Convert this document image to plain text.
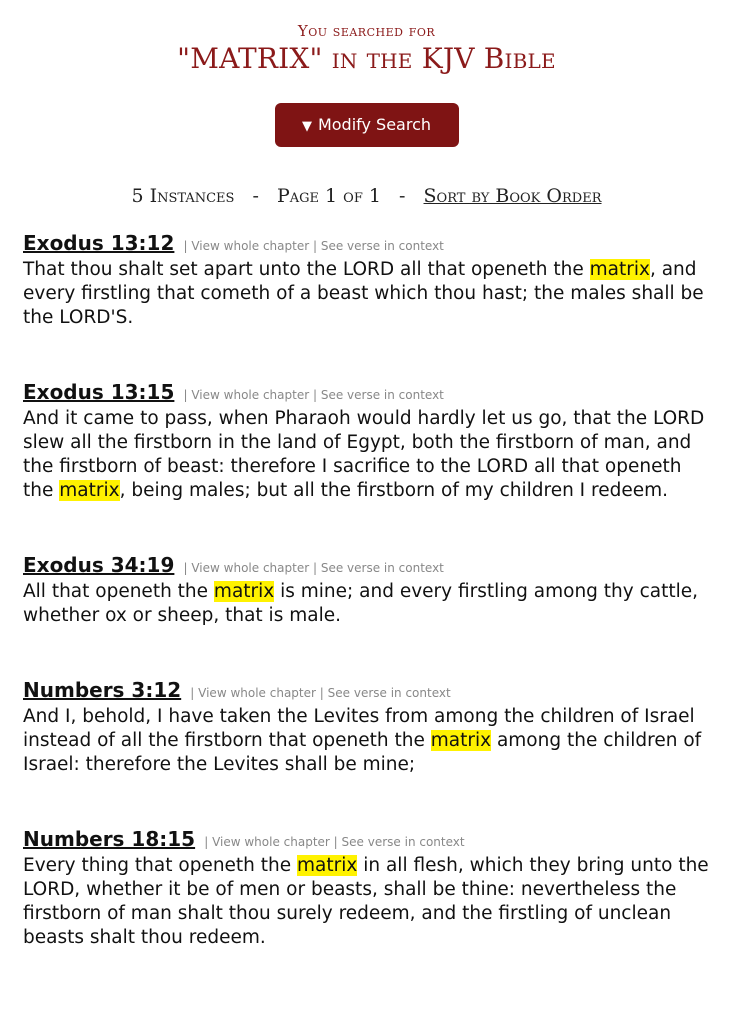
You searched for
"MATRIX" in the KJV Bible
▼ Modify Search
5 Instances - Page 1 of 1 - Sort by Book Order
Exodus 13:12 | View whole chapter | See verse in context
That thou shalt set apart unto the LORD all that openeth the matrix, and every firstling that cometh of a beast which thou hast; the males shall be the LORD'S.
Exodus 13:15 | View whole chapter | See verse in context
And it came to pass, when Pharaoh would hardly let us go, that the LORD slew all the firstborn in the land of Egypt, both the firstborn of man, and the firstborn of beast: therefore I sacrifice to the LORD all that openeth the matrix, being males; but all the firstborn of my children I redeem.
Exodus 34:19 | View whole chapter | See verse in context
All that openeth the matrix is mine; and every firstling among thy cattle, whether ox or sheep, that is male.
Numbers 3:12 | View whole chapter | See verse in context
And I, behold, I have taken the Levites from among the children of Israel instead of all the firstborn that openeth the matrix among the children of Israel: therefore the Levites shall be mine;
Numbers 18:15 | View whole chapter | See verse in context
Every thing that openeth the matrix in all flesh, which they bring unto the LORD, whether it be of men or beasts, shall be thine: nevertheless the firstborn of man shalt thou surely redeem, and the firstling of unclean beasts shalt thou redeem.
